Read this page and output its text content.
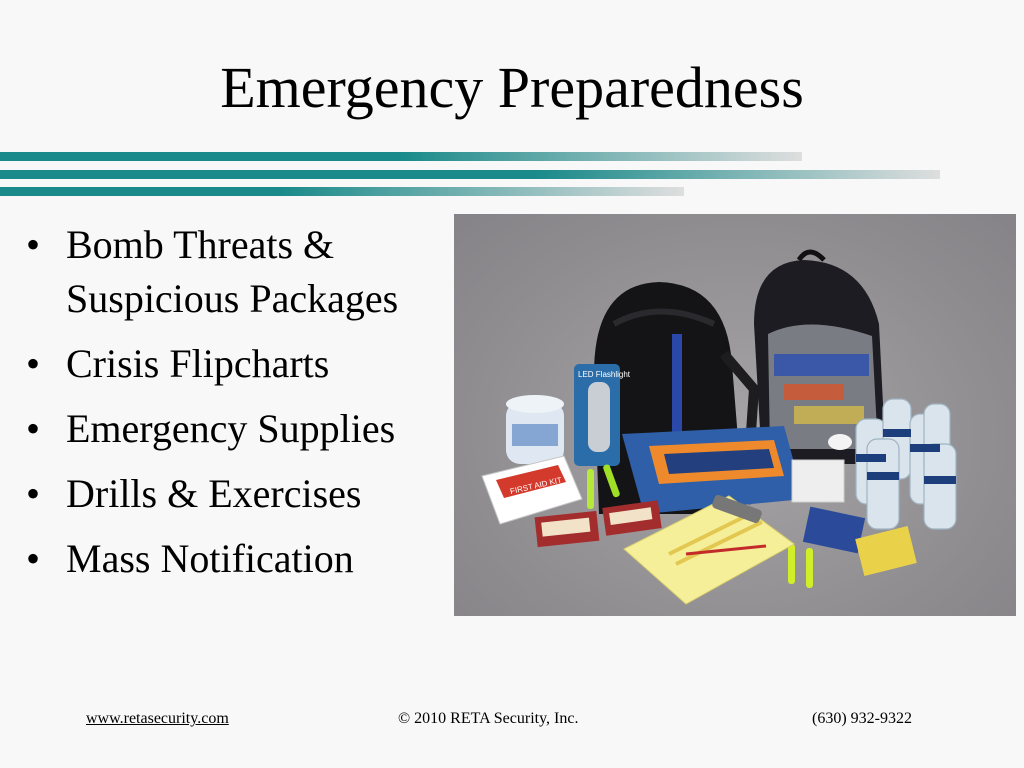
Emergency Preparedness
• Bomb Threats & Suspicious Packages
• Crisis Flipcharts
• Emergency Supplies
• Drills & Exercises
• Mass Notification
LED Flashlight
FIRST AID KIT
www.retasecurity.com	© 2010 RETA Security, Inc.	(630) 932-9322
